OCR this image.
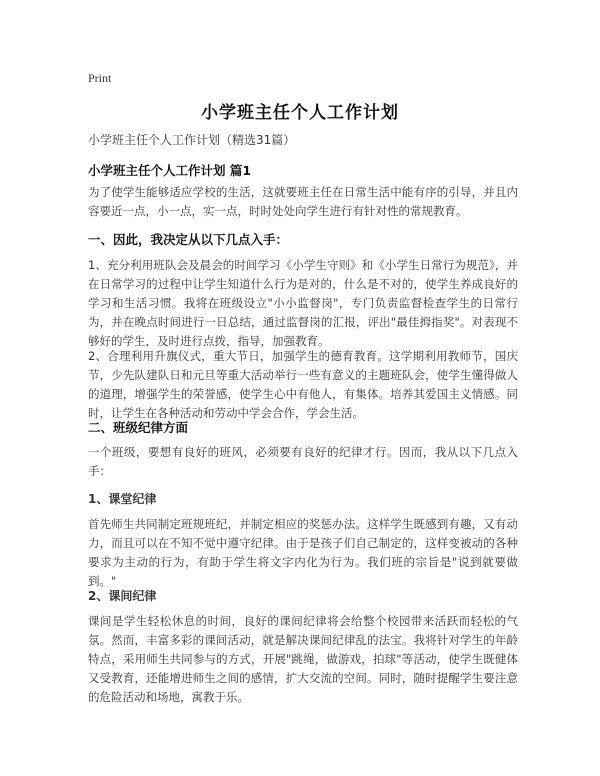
Print
小学班主任个人工作计划
小学班主任个人工作计划（精选31篇）
小学班主任个人工作计划 篇1

为了使学生能够适应学校的生活，这就要班主任在日常生活中能有序的引导，并且内容要近一点，小一点，实一点，时时处处向学生进行有针对性的常规教育。

一、因此，我决定从以下几点入手：

1、充分利用班队会及晨会的时间学习《小学生守则》和《小学生日常行为规范》，并在日常学习的过程中让学生知道什么行为是对的，什么是不对的，使学生养成良好的学习和生活习惯。我将在班级设立"小小监督岗"，专门负责监督检查学生的日常行为，并在晚点时间进行一日总结，通过监督岗的汇报，评出"最佳拇指奖"。对表现不够好的学生，及时进行点拨，指导，加强教育。

2、合理利用升旗仪式，重大节日，加强学生的德育教育。这学期利用教师节，国庆节，少先队建队日和元旦等重大活动举行一些有意义的主题班队会，使学生懂得做人的道理，增强学生的荣誉感，使学生心中有他人，有集体。培养其爱国主义情感。同时，让学生在各种活动和劳动中学会合作，学会生活。

二、班级纪律方面

一个班级，要想有良好的班风，必须要有良好的纪律才行。因而，我从以下几点入手：

1、课堂纪律

首先师生共同制定班规班纪，并制定相应的奖惩办法。这样学生既感到有趣，又有动力，而且可以在不知不觉中遵守纪律。由于是孩子们自己制定的，这样变被动的各种要求为主动的行为，有助于学生将文字内化为行为。我们班的宗旨是"说到就要做到。"

2、课间纪律

课间是学生轻松休息的时间，良好的课间纪律将会给整个校园带来活跃而轻松的气氛。然而，丰富多彩的课间活动，就是解决课间纪律乱的法宝。我将针对学生的年龄特点，采用师生共同参与的方式，开展"跳绳，做游戏，拍球"等活动，使学生既健体又受教育，还能增进师生之间的感情，扩大交流的空间。同时，随时提醒学生要注意的危险活动和场地，寓教于乐。
